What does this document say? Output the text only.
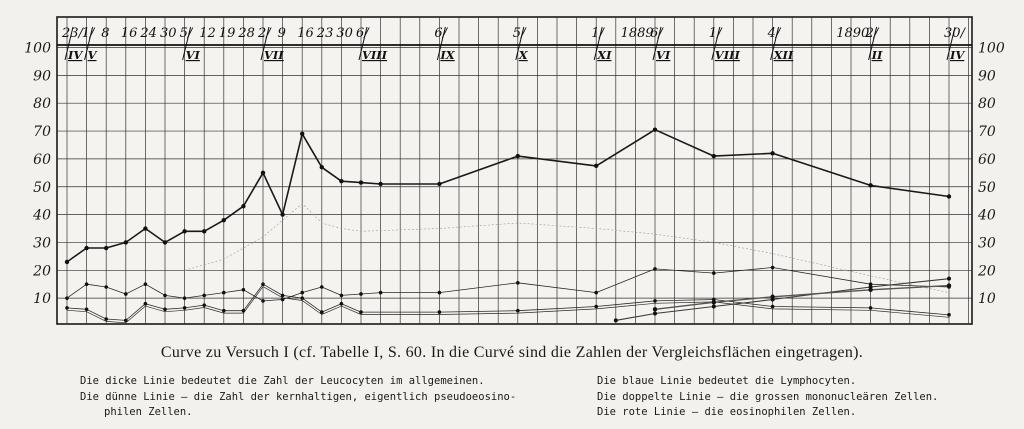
10
20
30
40
50
60
70
80
90
100
10
20
30
40
50
60
70
80
90
100
23/
IV
1/
V
8 16 24 30 5/
VI
12 19 28 2/
VII
9 16 23 30 6/
VIII
6/
IX
5/
X
1/
XI
1889
6/
VI
1/
VIII
4/
XII
1890
2/
II
30/
IV
Curve zu Versuch I (cf. Tabelle I, S. 60. In die Curvé sind die Zahlen der Vergleichsflächen eingetragen).
Die dicke Linie bedeutet die Zahl der Leucocyten im allgemeinen.
Die dünne Linie — die Zahl der kernhaltigen, eigentlich pseudoeosino-
philen Zellen.
Die blaue Linie bedeutet die Lymphocyten.
Die doppelte Linie — die grossen mononucleären Zellen.
Die rote Linie — die eosinophilen Zellen.
